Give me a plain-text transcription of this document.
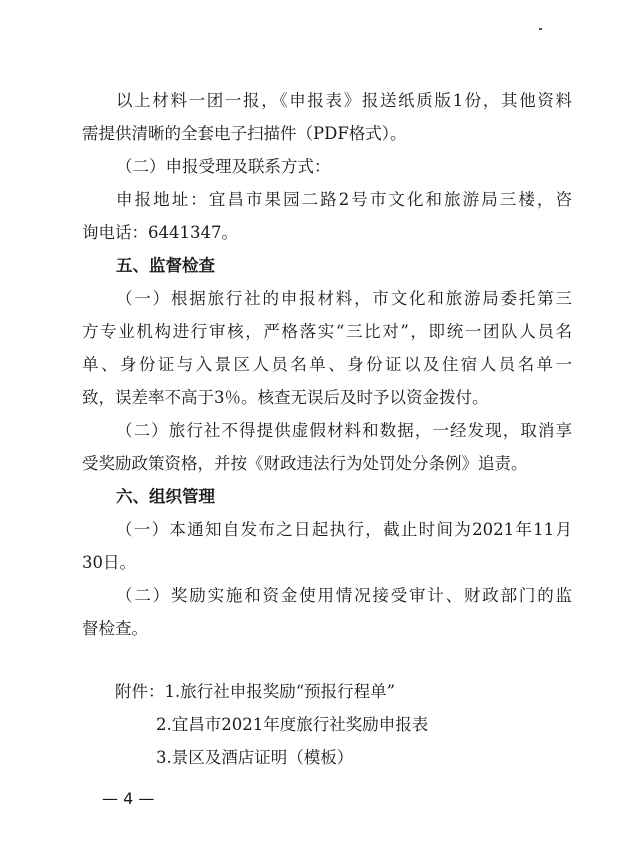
以上材料一团一报，《申报表》报送纸质版1份，其他资料
需提供清晰的全套电子扫描件（PDF格式）。
（二）申报受理及联系方式：
申报地址：宜昌市果园二路2号市文化和旅游局三楼，咨
询电话：6441347。
五、监督检查
（一）根据旅行社的申报材料，市文化和旅游局委托第三
方专业机构进行审核，严格落实“三比对”，即统一团队人员名
单、身份证与入景区人员名单、身份证以及住宿人员名单一
致，误差率不高于3％。核查无误后及时予以资金拨付。
（二）旅行社不得提供虚假材料和数据，一经发现，取消享
受奖励政策资格，并按《财政违法行为处罚处分条例》追责。
六、组织管理
（一）本通知自发布之日起执行，截止时间为2021年11月
30日。
（二）奖励实施和资金使用情况接受审计、财政部门的监
督检查。
附件：1.旅行社申报奖励“预报行程单”
2.宜昌市2021年度旅行社奖励申报表
3.景区及酒店证明（模板）
— 4 —
